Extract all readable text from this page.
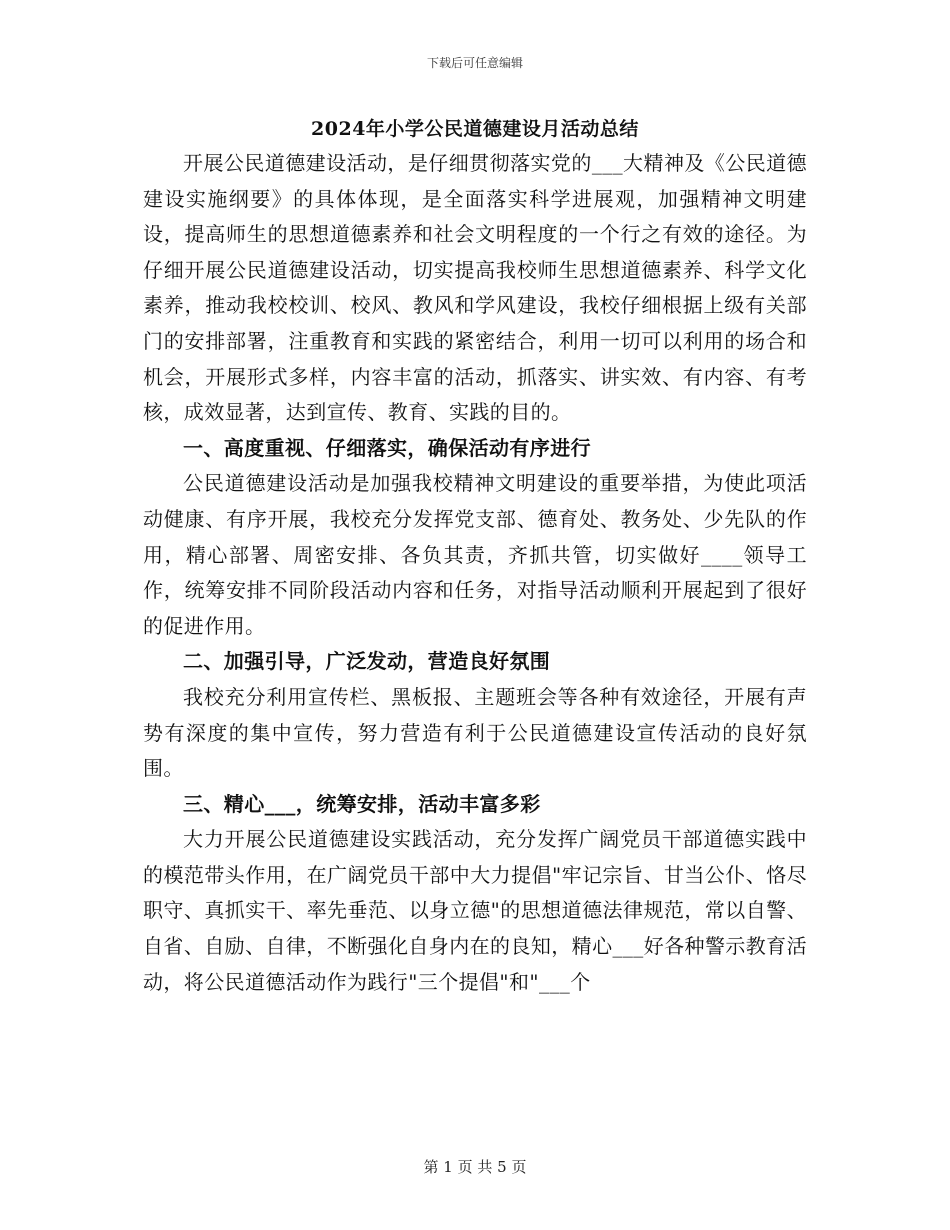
下载后可任意编辑
2024年小学公民道德建设月活动总结

开展公民道德建设活动，是仔细贯彻落实党的___大精神及《公民道德建设实施纲要》的具体体现，是全面落实科学进展观，加强精神文明建设，提高师生的思想道德素养和社会文明程度的一个行之有效的途径。为仔细开展公民道德建设活动，切实提高我校师生思想道德素养、科学文化素养，推动我校校训、校风、教风和学风建设，我校仔细根据上级有关部门的安排部署，注重教育和实践的紧密结合，利用一切可以利用的场合和机会，开展形式多样，内容丰富的活动，抓落实、讲实效、有内容、有考核，成效显著，达到宣传、教育、实践的目的。

一、高度重视、仔细落实，确保活动有序进行

公民道德建设活动是加强我校精神文明建设的重要举措，为使此项活动健康、有序开展，我校充分发挥党支部、德育处、教务处、少先队的作用，精心部署、周密安排、各负其责，齐抓共管，切实做好____领导工作，统筹安排不同阶段活动内容和任务，对指导活动顺利开展起到了很好的促进作用。

二、加强引导，广泛发动，营造良好氛围

我校充分利用宣传栏、黑板报、主题班会等各种有效途径，开展有声势有深度的集中宣传，努力营造有利于公民道德建设宣传活动的良好氛围。

三、精心___，统筹安排，活动丰富多彩

大力开展公民道德建设实践活动，充分发挥广阔党员干部道德实践中的模范带头作用，在广阔党员干部中大力提倡"牢记宗旨、甘当公仆、恪尽职守、真抓实干、率先垂范、以身立德"的思想道德法律规范，常以自警、自省、自励、自律，不断强化自身内在的良知，精心___好各种警示教育活动，将公民道德活动作为践行"三个提倡"和"___个

第 1 页 共 5 页
